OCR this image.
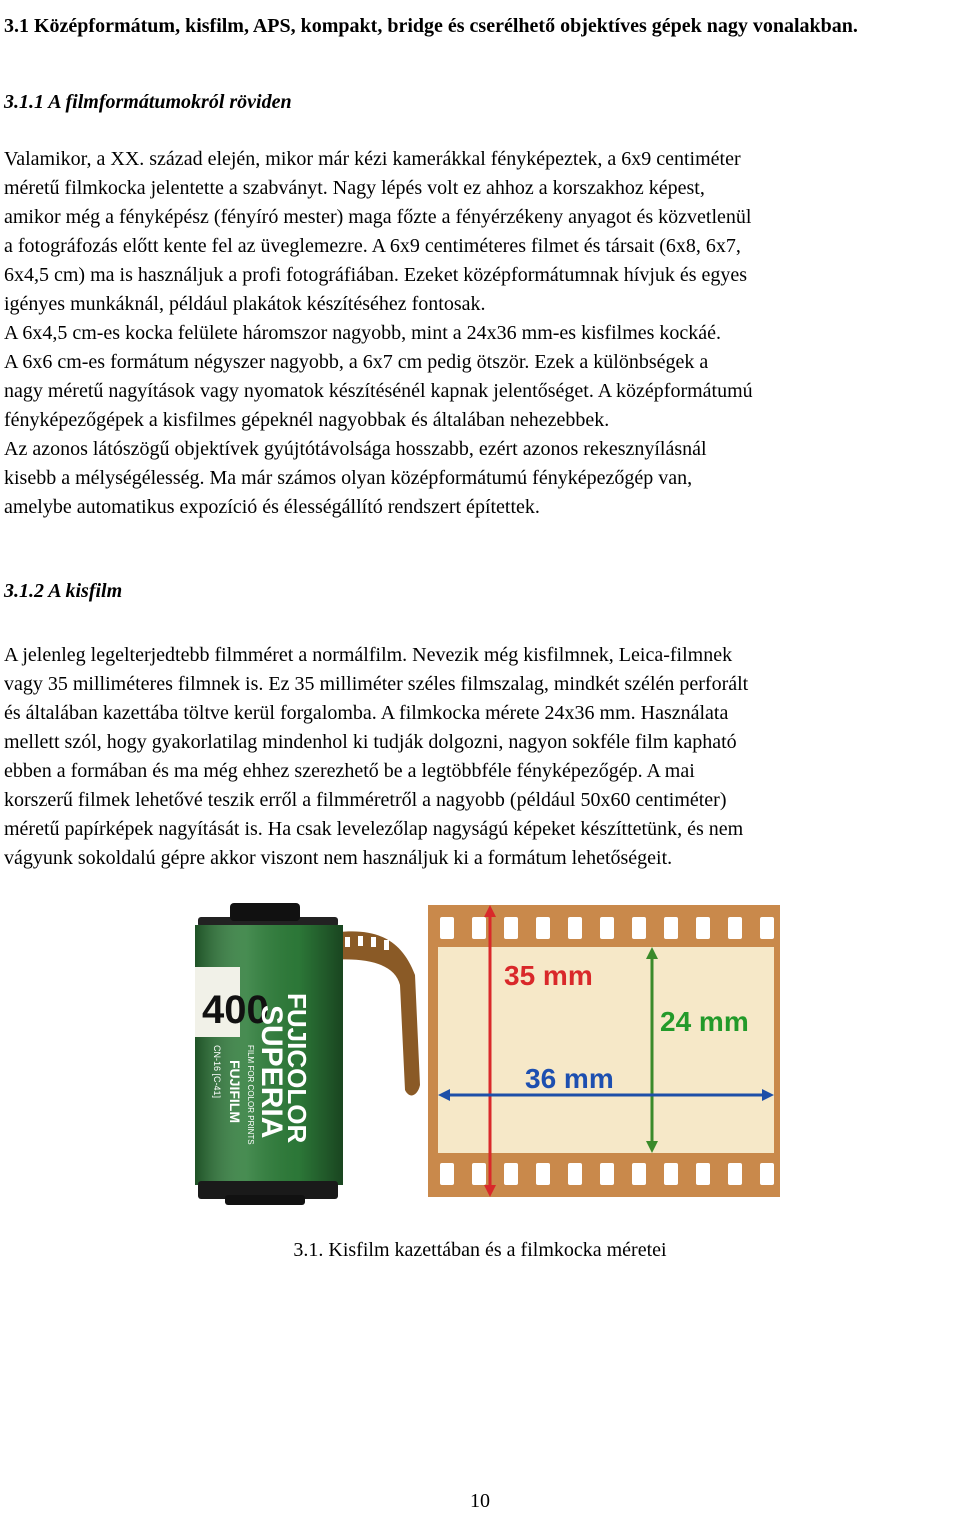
3.1 Középformátum, kisfilm, APS, kompakt, bridge és cserélhető objektíves gépek nagy vonalakban.
3.1.1 A filmformátumokról röviden
Valamikor, a XX. század elején, mikor már kézi kamerákkal fényképeztek, a 6x9 centiméter
méretű filmkocka jelentette a szabványt. Nagy lépés volt ez ahhoz a korszakhoz képest,
amikor még a fényképész (fényíró mester) maga főzte a fényérzékeny anyagot és közvetlenül
a fotográfozás előtt kente fel az üveglemezre. A 6x9 centiméteres filmet és társait (6x8, 6x7,
6x4,5 cm) ma is használjuk a profi fotográfiában. Ezeket középformátumnak hívjuk és egyes
igényes munkáknál, például plakátok készítéséhez fontosak.
A 6x4,5 cm-es kocka felülete háromszor nagyobb, mint a 24x36 mm-es kisfilmes kockáé.
A 6x6 cm-es formátum négyszer nagyobb, a 6x7 cm pedig ötször. Ezek a különbségek a
nagy méretű nagyítások vagy nyomatok készítésénél kapnak jelentőséget. A középformátumú
fényképezőgépek a kisfilmes gépeknél nagyobbak és általában nehezebbek.
Az azonos látószögű objektívek gyújtótávolsága hosszabb, ezért azonos rekesznyílásnál
kisebb a mélységélesség. Ma már számos olyan középformátumú fényképezőgép van,
amelybe automatikus expozíció és élességállító rendszert építettek.
3.1.2 A kisfilm
A jelenleg legelterjedtebb filmméret a normálfilm. Nevezik még kisfilmnek, Leica-filmnek
vagy 35 milliméteres filmnek is. Ez 35 milliméter széles filmszalag, mindkét szélén perforált
és általában kazettába töltve kerül forgalomba. A filmkocka mérete 24x36 mm. Használata
mellett szól, hogy gyakorlatilag mindenhol ki tudják dolgozni, nagyon sokféle film kapható
ebben a formában és ma még ehhez szerezhető be a legtöbbféle fényképezőgép. A mai
korszerű filmek lehetővé teszik erről a filmméretről a nagyobb (például 50x60 centiméter)
méretű papírképek nagyítását is. Ha csak levelezőlap nagyságú képeket készíttetünk, és nem
vágyunk sokoldalú gépre akkor viszont nem használjuk ki a formátum lehetőségeit.
400 FUJICOLOR
SUPERIA
FUJIFILM FILM FOR COLOR PRINTS
CN-16 [C-41]
35 mm
24 mm
36 mm
3.1. Kisfilm kazettában és a filmkocka méretei
10
